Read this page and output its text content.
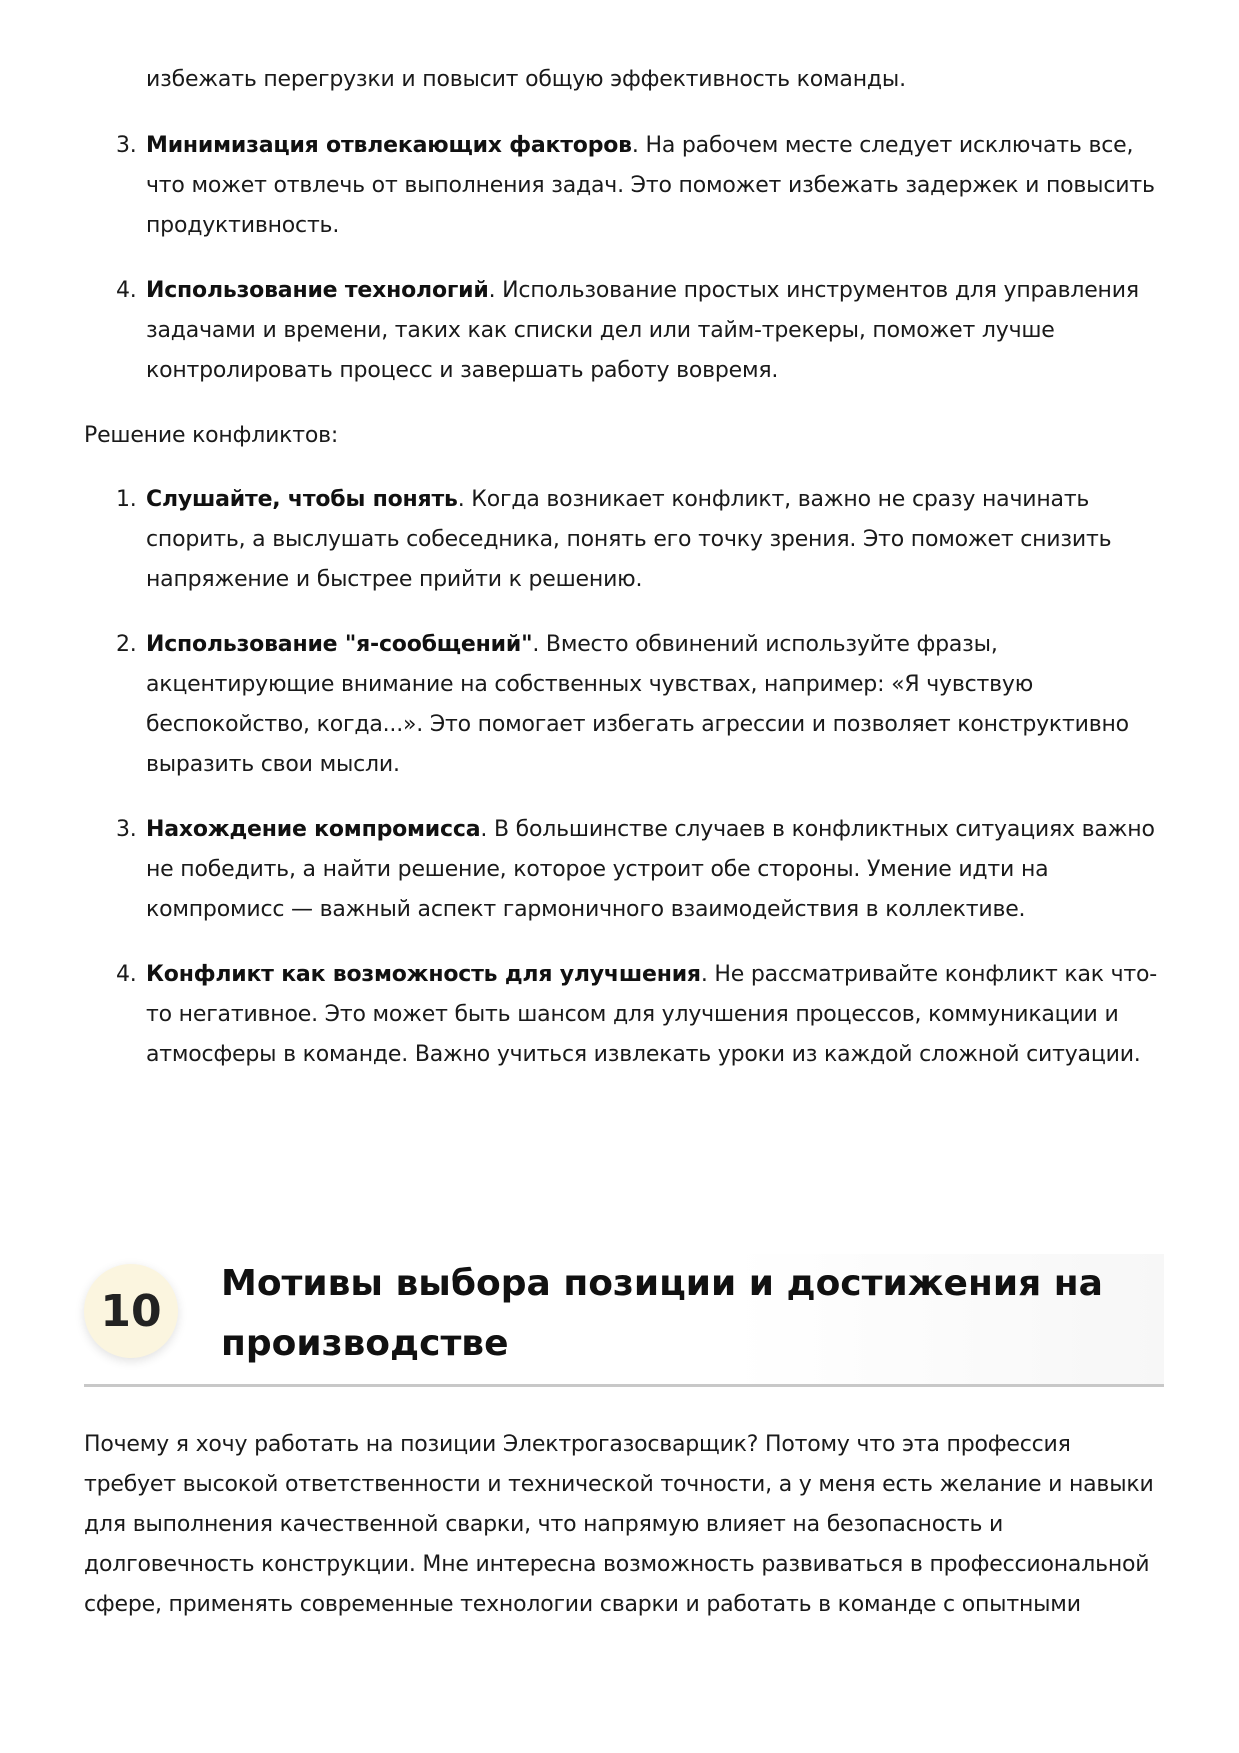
избежать перегрузки и повысит общую эффективность команды.
3. Минимизация отвлекающих факторов. На рабочем месте следует исключать все, что может отвлечь от выполнения задач. Это поможет избежать задержек и повысить продуктивность.
4. Использование технологий. Использование простых инструментов для управления задачами и времени, таких как списки дел или тайм-трекеры, поможет лучше контролировать процесс и завершать работу вовремя.
Решение конфликтов:
1. Слушайте, чтобы понять. Когда возникает конфликт, важно не сразу начинать спорить, а выслушать собеседника, понять его точку зрения. Это поможет снизить напряжение и быстрее прийти к решению.
2. Использование "я-сообщений". Вместо обвинений используйте фразы, акцентирующие внимание на собственных чувствах, например: «Я чувствую беспокойство, когда...». Это помогает избегать агрессии и позволяет конструктивно выразить свои мысли.
3. Нахождение компромисса. В большинстве случаев в конфликтных ситуациях важно не победить, а найти решение, которое устроит обе стороны. Умение идти на компромисс — важный аспект гармоничного взаимодействия в коллективе.
4. Конфликт как возможность для улучшения. Не рассматривайте конфликт как что-то негативное. Это может быть шансом для улучшения процессов, коммуникации и атмосферы в команде. Важно учиться извлекать уроки из каждой сложной ситуации.
10
Мотивы выбора позиции и достижения на производстве
Почему я хочу работать на позиции Электрогазосварщик? Потому что эта профессия требует высокой ответственности и технической точности, а у меня есть желание и навыки для выполнения качественной сварки, что напрямую влияет на безопасность и долговечность конструкции. Мне интересна возможность развиваться в профессиональной сфере, применять современные технологии сварки и работать в команде с опытными
